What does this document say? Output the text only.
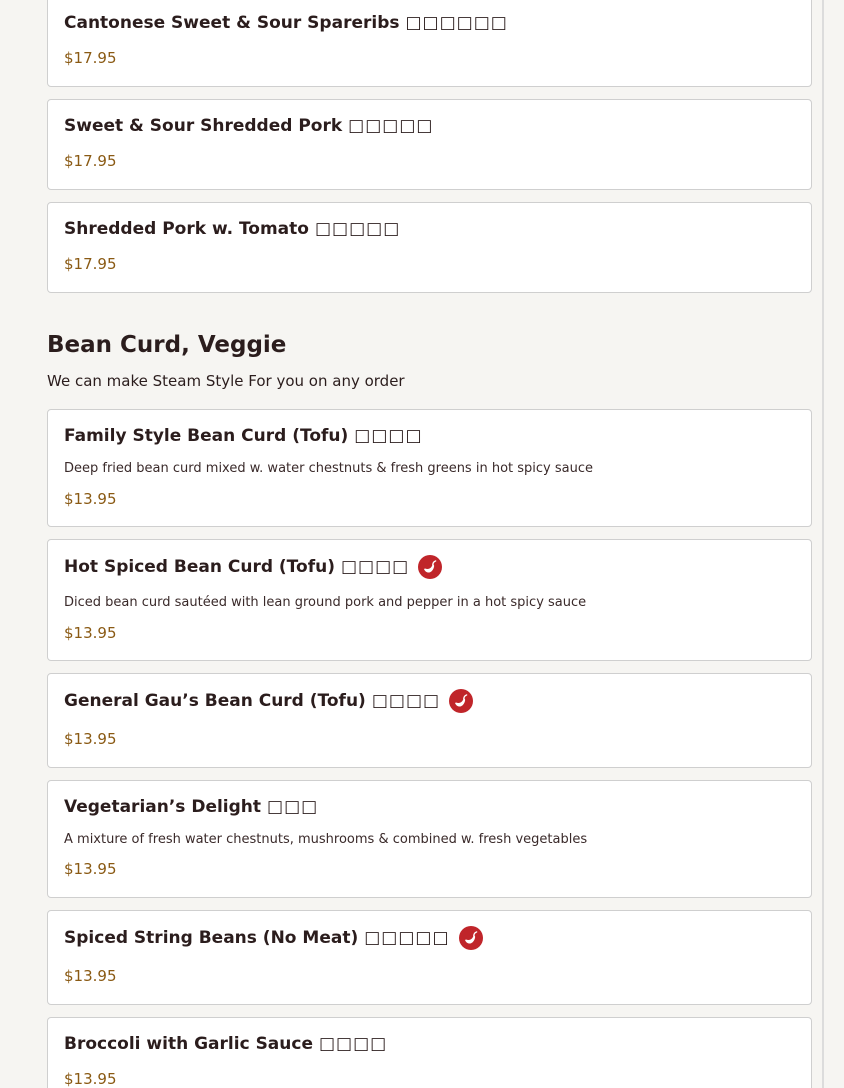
Cantonese Sweet & Sour Spareribs □□□□□□
$17.95
Sweet & Sour Shredded Pork □□□□□
$17.95
Shredded Pork w. Tomato □□□□□
$17.95
Bean Curd, Veggie
We can make Steam Style For you on any order
Family Style Bean Curd (Tofu) □□□□
Deep fried bean curd mixed w. water chestnuts & fresh greens in hot spicy sauce
$13.95
Hot Spiced Bean Curd (Tofu) □□□□
Diced bean curd sautéed with lean ground pork and pepper in a hot spicy sauce
$13.95
General Gau’s Bean Curd (Tofu) □□□□
$13.95
Vegetarian’s Delight □□□
A mixture of fresh water chestnuts, mushrooms & combined w. fresh vegetables
$13.95
Spiced String Beans (No Meat) □□□□□
$13.95
Broccoli with Garlic Sauce □□□□
$13.95
